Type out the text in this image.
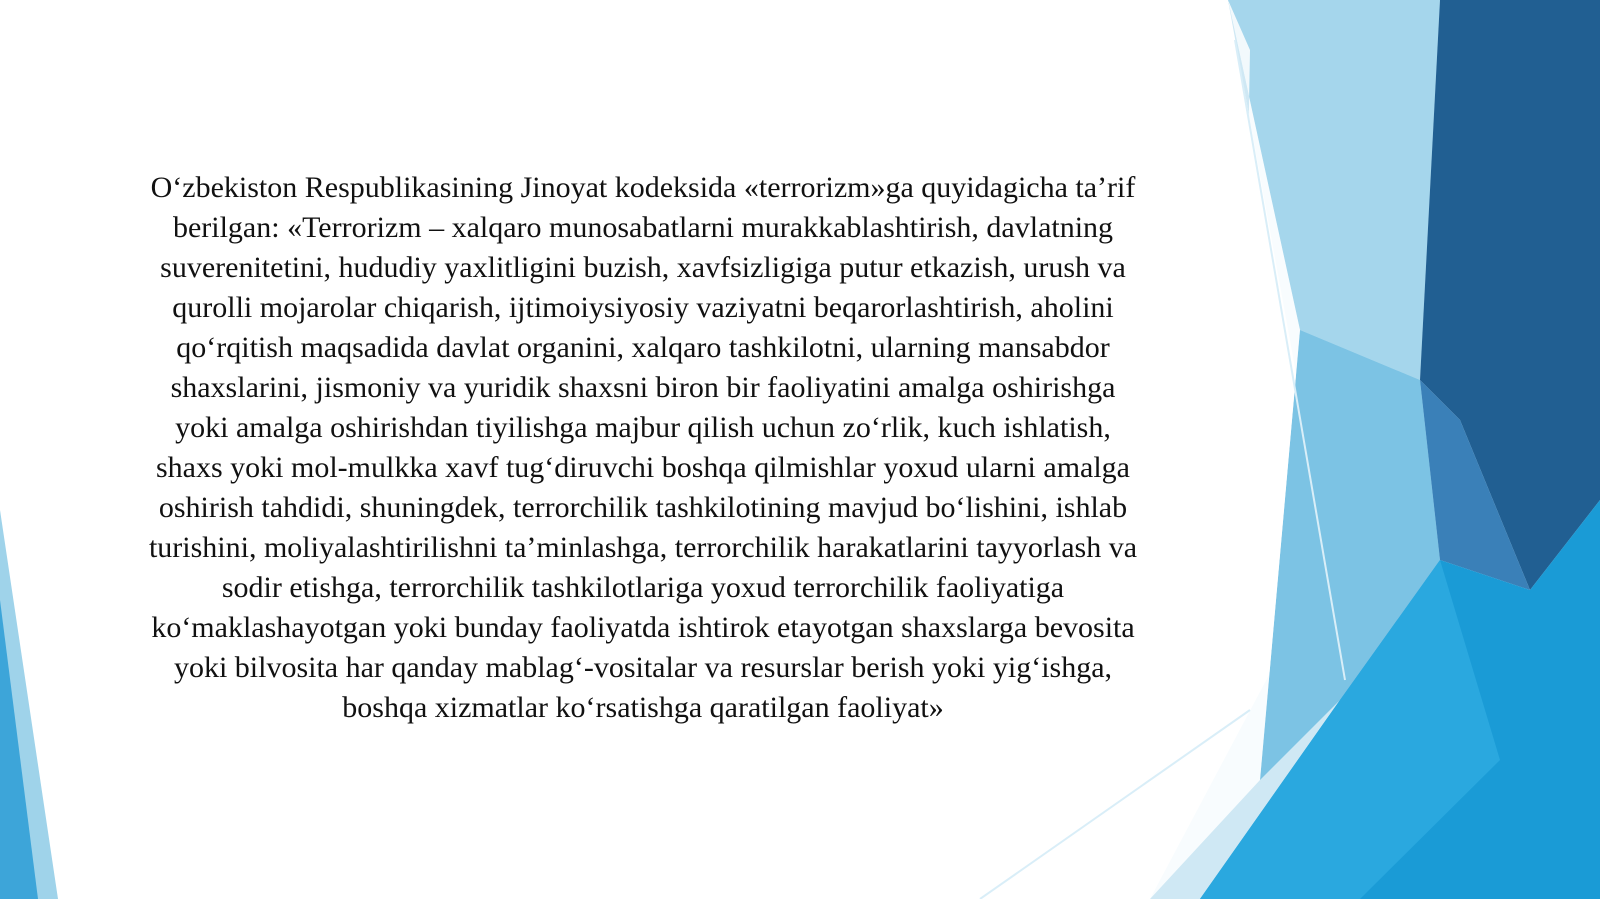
O‘zbekiston Respublikasining Jinoyat kodeksida «terrorizm»ga quyidagicha ta’rif
berilgan: «Terrorizm – xalqaro munosabatlarni murakkablashtirish, davlatning
suverenitetini, hududiy yaxlitligini buzish, xavfsizligiga putur etkazish, urush va
qurolli mojarolar chiqarish, ijtimoiysiyosiy vaziyatni beqarorlashtirish, aholini
qo‘rqitish maqsadida davlat organini, xalqaro tashkilotni, ularning mansabdor
shaxslarini, jismoniy va yuridik shaxsni biron bir faoliyatini amalga oshirishga
yoki amalga oshirishdan tiyilishga majbur qilish uchun zo‘rlik, kuch ishlatish,
shaxs yoki mol-mulkka xavf tug‘diruvchi boshqa qilmishlar yoxud ularni amalga
oshirish tahdidi, shuningdek, terrorchilik tashkilotining mavjud bo‘lishini, ishlab
turishini, moliyalashtirilishni ta’minlashga, terrorchilik harakatlarini tayyorlash va
sodir etishga, terrorchilik tashkilotlariga yoxud terrorchilik faoliyatiga
ko‘maklashayotgan yoki bunday faoliyatda ishtirok etayotgan shaxslarga bevosita
yoki bilvosita har qanday mablag‘-vositalar va resurslar berish yoki yig‘ishga,
boshqa xizmatlar ko‘rsatishga qaratilgan faoliyat»
